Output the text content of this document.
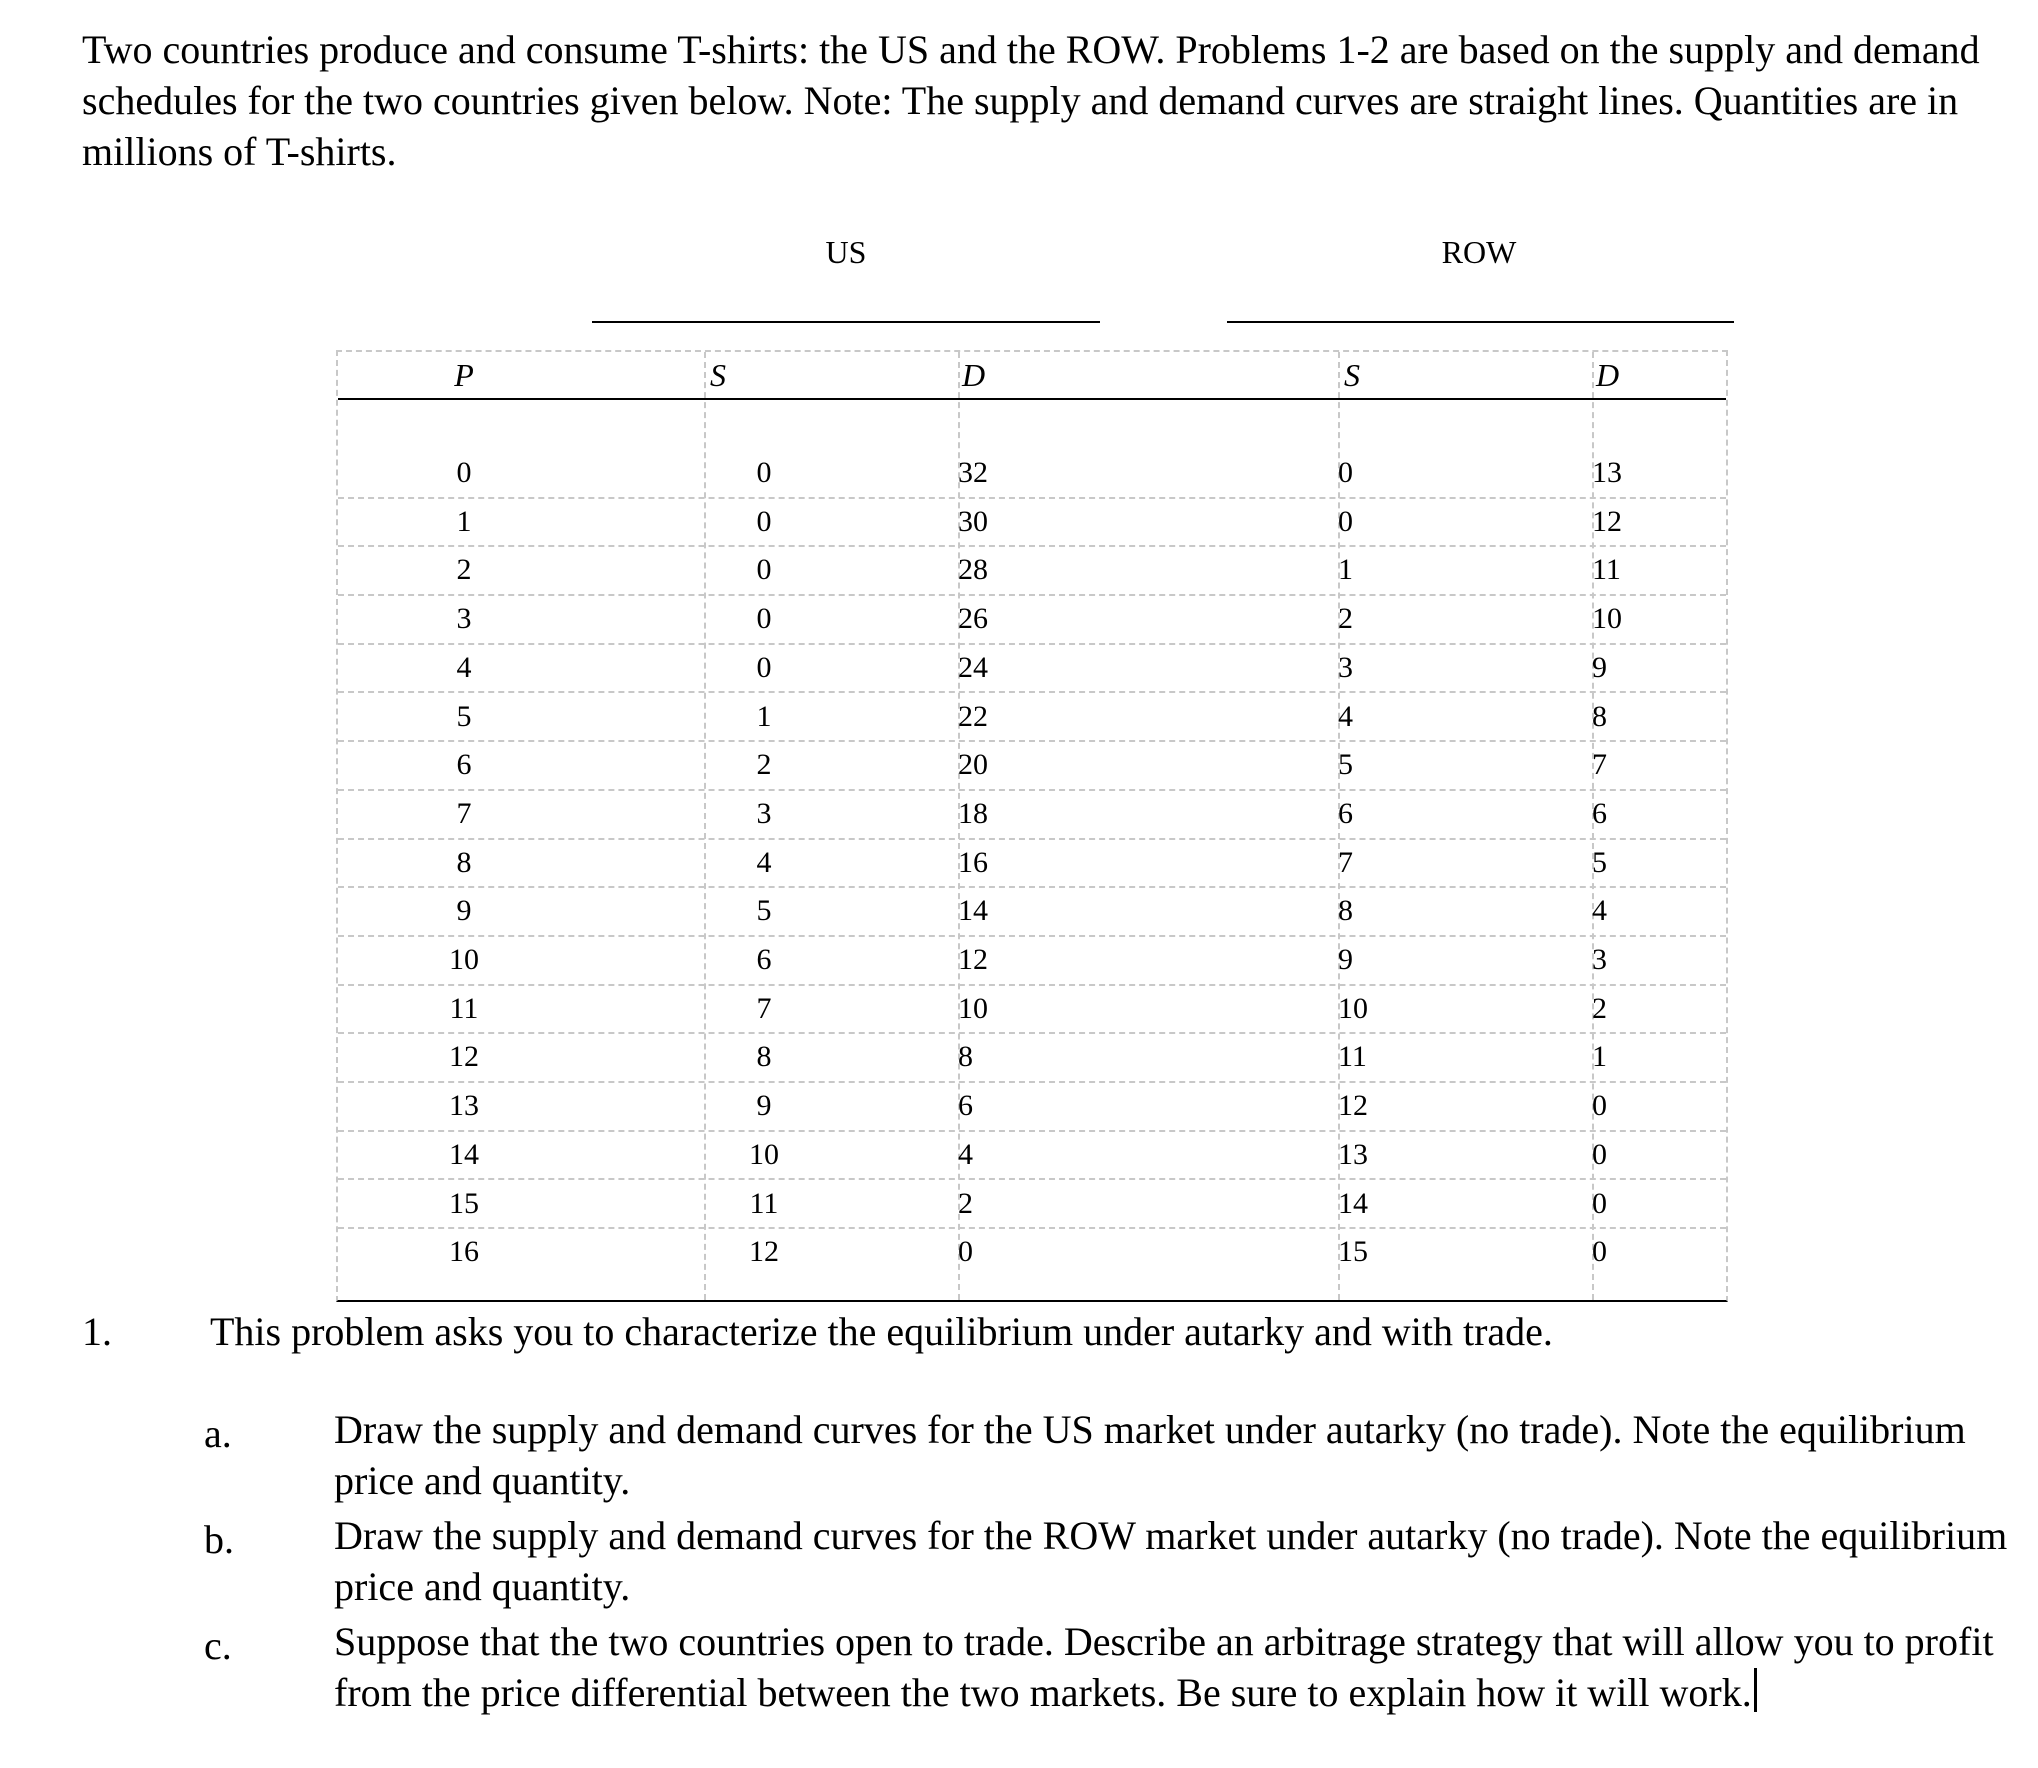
Two countries produce and consume T-shirts: the US and the ROW. Problems 1-2 are based on the supply and demand schedules for the two countries given below. Note: The supply and demand curves are straight lines. Quantities are in millions of T-shirts.
US	ROW
P	S	D	S	D
0	0	32	0	13
1	0	30	0	12
2	0	28	1	11
3	0	26	2	10
4	0	24	3	9
5	1	22	4	8
6	2	20	5	7
7	3	18	6	6
8	4	16	7	5
9	5	14	8	4
10	6	12	9	3
11	7	10	10	2
12	8	8	11	1
13	9	6	12	0
14	10	4	13	0
15	11	2	14	0
16	12	0	15	0
1. This problem asks you to characterize the equilibrium under autarky and with trade.
a.	Draw the supply and demand curves for the US market under autarky (no trade). Note the equilibrium price and quantity.
b.	Draw the supply and demand curves for the ROW market under autarky (no trade). Note the equilibrium price and quantity.
c.	Suppose that the two countries open to trade. Describe an arbitrage strategy that will allow you to profit from the price differential between the two markets. Be sure to explain how it will work.
